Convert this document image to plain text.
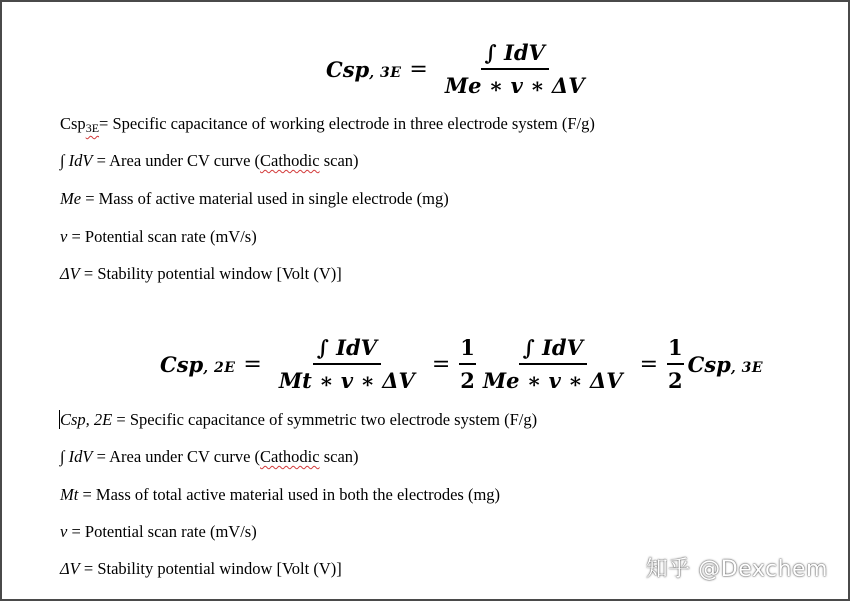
Csp , $3E = \frac{\text{∫ IdV}}{Me ∗ v ∗ \Delta V}$
Csp3E= Specific capacitance of working electrode in three electrode system (F/g)
∫ IdV = Area under CV curve (Cathodic scan)
Me = Mass of active material used in single electrode (mg)
v = Potential scan rate (mV/s)
ΔV = Stability potential window [Volt (V)]
Csp , $2E = \frac{\text{∫ IdV}}{Mt ∗ v ∗ \Delta V} = \frac{1}{2} \frac{\text{∫ IdV}}{Me ∗ v ∗ \Delta V} = \frac{1}{2}$ Csp , 3E
Csp, 2E = Specific capacitance of symmetric two electrode system (F/g)
∫ IdV = Area under CV curve (Cathodic scan)
Mt = Mass of total active material used in both the electrodes (mg)
v = Potential scan rate (mV/s)
ΔV = Stability potential window [Volt (V)]	知乎 @Dexchem
